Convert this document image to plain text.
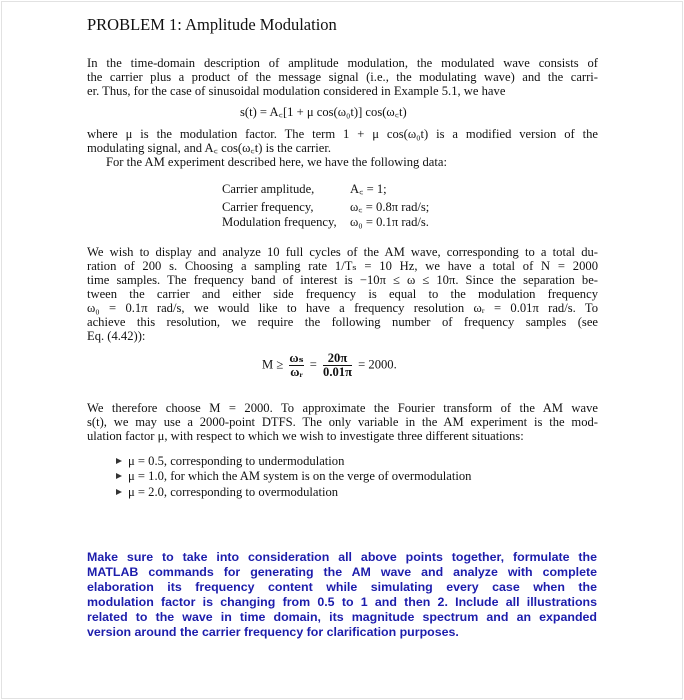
PROBLEM 1: Amplitude Modulation
In the time-domain description of amplitude modulation, the modulated wave consists of
the carrier plus a product of the message signal (i.e., the modulating wave) and the carri-
er. Thus, for the case of sinusoidal modulation considered in Example 5.1, we have
s(t) = A꜀[1 + μ cos(ω₀t)] cos(ω꜀t)
where μ is the modulation factor. The term 1 + μ cos(ω₀t) is a modified version of the
modulating signal, and A꜀ cos(ω꜀t) is the carrier.
For the AM experiment described here, we have the following data:
Carrier amplitude,	A꜀ = 1;
Carrier frequency,	ω꜀ = 0.8π rad/s;
Modulation frequency, ω₀ = 0.1π rad/s.
We wish to display and analyze 10 full cycles of the AM wave, corresponding to a total du-
ration of 200 s. Choosing a sampling rate 1/Tₛ = 10 Hz, we have a total of N = 2000
time samples. The frequency band of interest is −10π ≤ ω ≤ 10π. Since the separation be-
tween the carrier and either side frequency is equal to the modulation frequency
ω₀ = 0.1π rad/s, we would like to have a frequency resolution ωᵣ = 0.01π rad/s. To
achieve this resolution, we require the following number of frequency samples (see
Eq. (4.42)):
$M \ge \frac{\text{ωₛ}}{\text{ωᵣ}} = \frac{20\pi}{0.01\pi} = 2000$.
We therefore choose M = 2000. To approximate the Fourier transform of the AM wave
s(t), we may use a 2000-point DTFS. The only variable in the AM experiment is the mod-
ulation factor μ, with respect to which we wish to investigate three different situations:
μ = 0.5, corresponding to undermodulation
μ = 1.0, for which the AM system is on the verge of overmodulation
μ = 2.0, corresponding to overmodulation
Make sure to take into consideration all above points together, formulate the
MATLAB commands for generating the AM wave and analyze with complete
elaboration its frequency content while simulating every case when the
modulation factor is changing from 0.5 to 1 and then 2. Include all illustrations
related to the wave in time domain, its magnitude spectrum and an expanded
version around the carrier frequency for clarification purposes.
